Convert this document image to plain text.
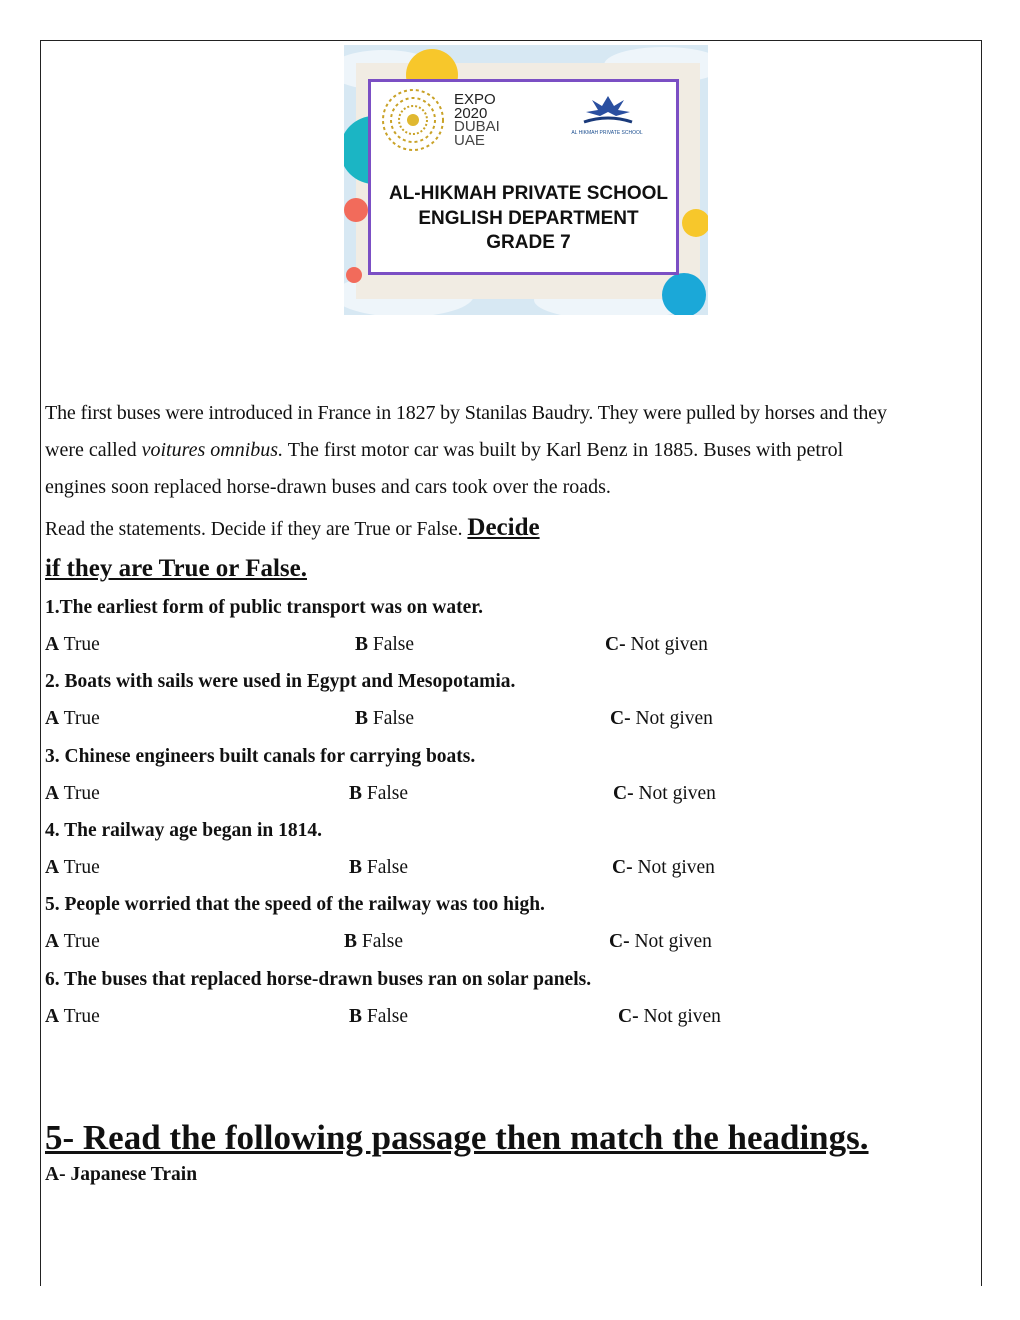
EXPO
2020
DUBAI
UAE	AL HIKMAH PRIVATE SCHOOL
AL-HIKMAH PRIVATE SCHOOL
ENGLISH DEPARTMENT
GRADE 7
The first buses were introduced in France in 1827 by Stanilas Baudry. They were pulled by horses and they
were called voitures omnibus. The first motor car was built by Karl Benz in 1885. Buses with petrol
engines soon replaced horse-drawn buses and cars took over the roads.
Read the statements. Decide if they are True or False. Decide
if they are True or False.
1.The earliest form of public transport was on water.
A True	B False	C- Not given
2. Boats with sails were used in Egypt and Mesopotamia.
A True	B False	C- Not given
3. Chinese engineers built canals for carrying boats.
A True	B False	C- Not given
4. The railway age began in 1814.
A True	B False	C- Not given
5. People worried that the speed of the railway was too high.
A True	B False	C- Not given
6. The buses that replaced horse-drawn buses ran on solar panels.
A True	B False	C- Not given
5- Read the following passage then match the headings.
A- Japanese Train
